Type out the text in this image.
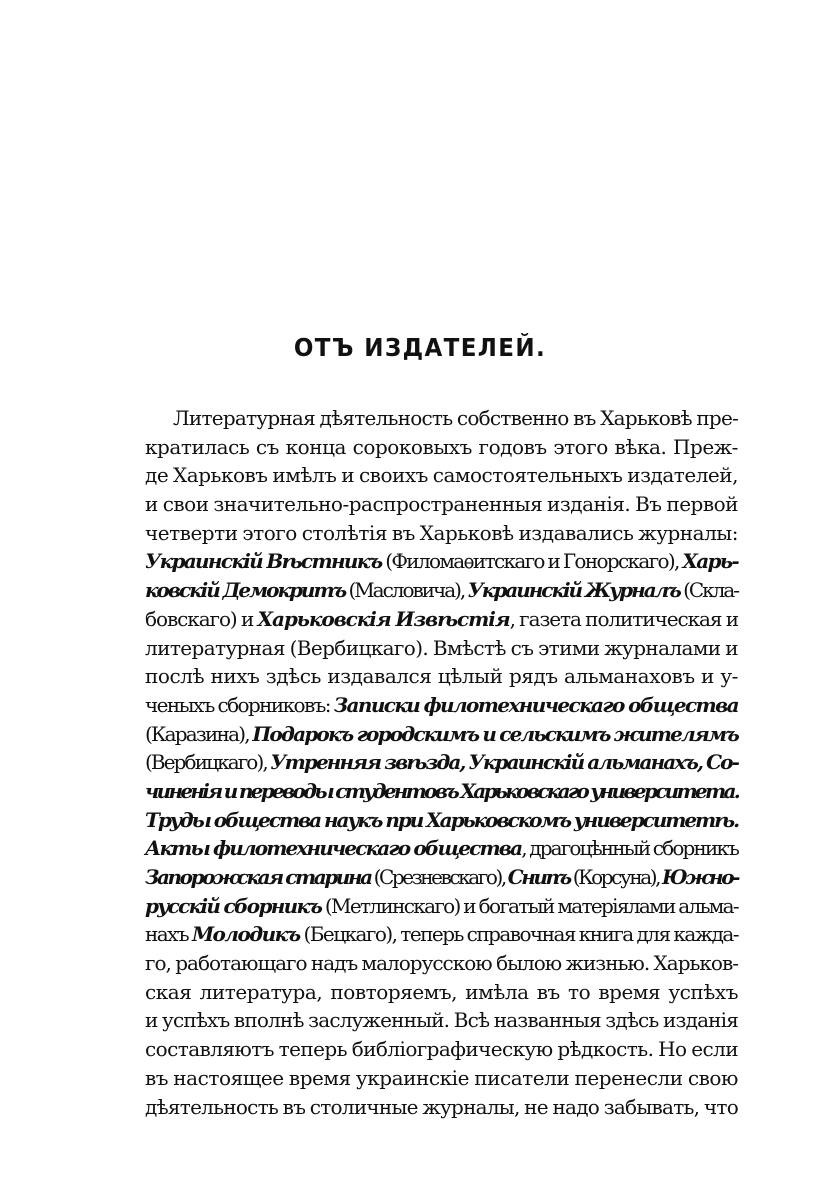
ОТЪ ИЗДАТЕЛЕЙ.
Литературная дѣятельность собственно въ Харьковѣ пре-
кратилась съ конца сороковыхъ годовъ этого вѣка. Преж-
де Харьковъ имѣлъ и своихъ самостоятельныхъ издателей,
и свои значительно-распространенныя изданія. Въ первой
четверти этого столѣтія въ Харьковѣ издавались журналы:
Украинскій Вѣстникъ (Филомаѳитскаго и Гонорскаго), Харь-
ковскій Демокритъ (Масловича), Украинскій Журналъ (Скла-
бовскаго) и Харьковскія Извѣстія, газета политическая и
литературная (Вербицкаго). Вмѣстѣ съ этими журналами и
послѣ нихъ здѣсь издавался цѣлый рядъ альманаховъ и у-
ченыхъ сборниковъ: Записки филотехническаго общества
(Каразина), Подарокъ городскимъ и сельскимъ жителямъ
(Вербицкаго), Утренняя звѣзда, Украинскій альманахъ, Со-
чиненія и переводы студентовъ Харьковскаго университета.
Труды общества наукъ при Харьковскомъ университетѣ.
Акты филотехническаго общества, драгоцѣнный сборникъ
Запорожская старина (Срезневскаго), Снипъ (Корсуна), Южно-
русскій сборникъ (Метлинскаго) и богатый матеріялами альма-
нахъ Молодикъ (Бецкаго), теперь справочная книга для кажда-
го, работающаго надъ малорусскою былою жизнью. Харьков-
ская литература, повторяемъ, имѣла въ то время успѣхъ
и успѣхъ вполнѣ заслуженный. Всѣ названныя здѣсь изданія
составляютъ теперь библіографическую рѣдкость. Но если
въ настоящее время украинскіе писатели перенесли свою
дѣятельность въ столичные журналы, не надо забывать, что
